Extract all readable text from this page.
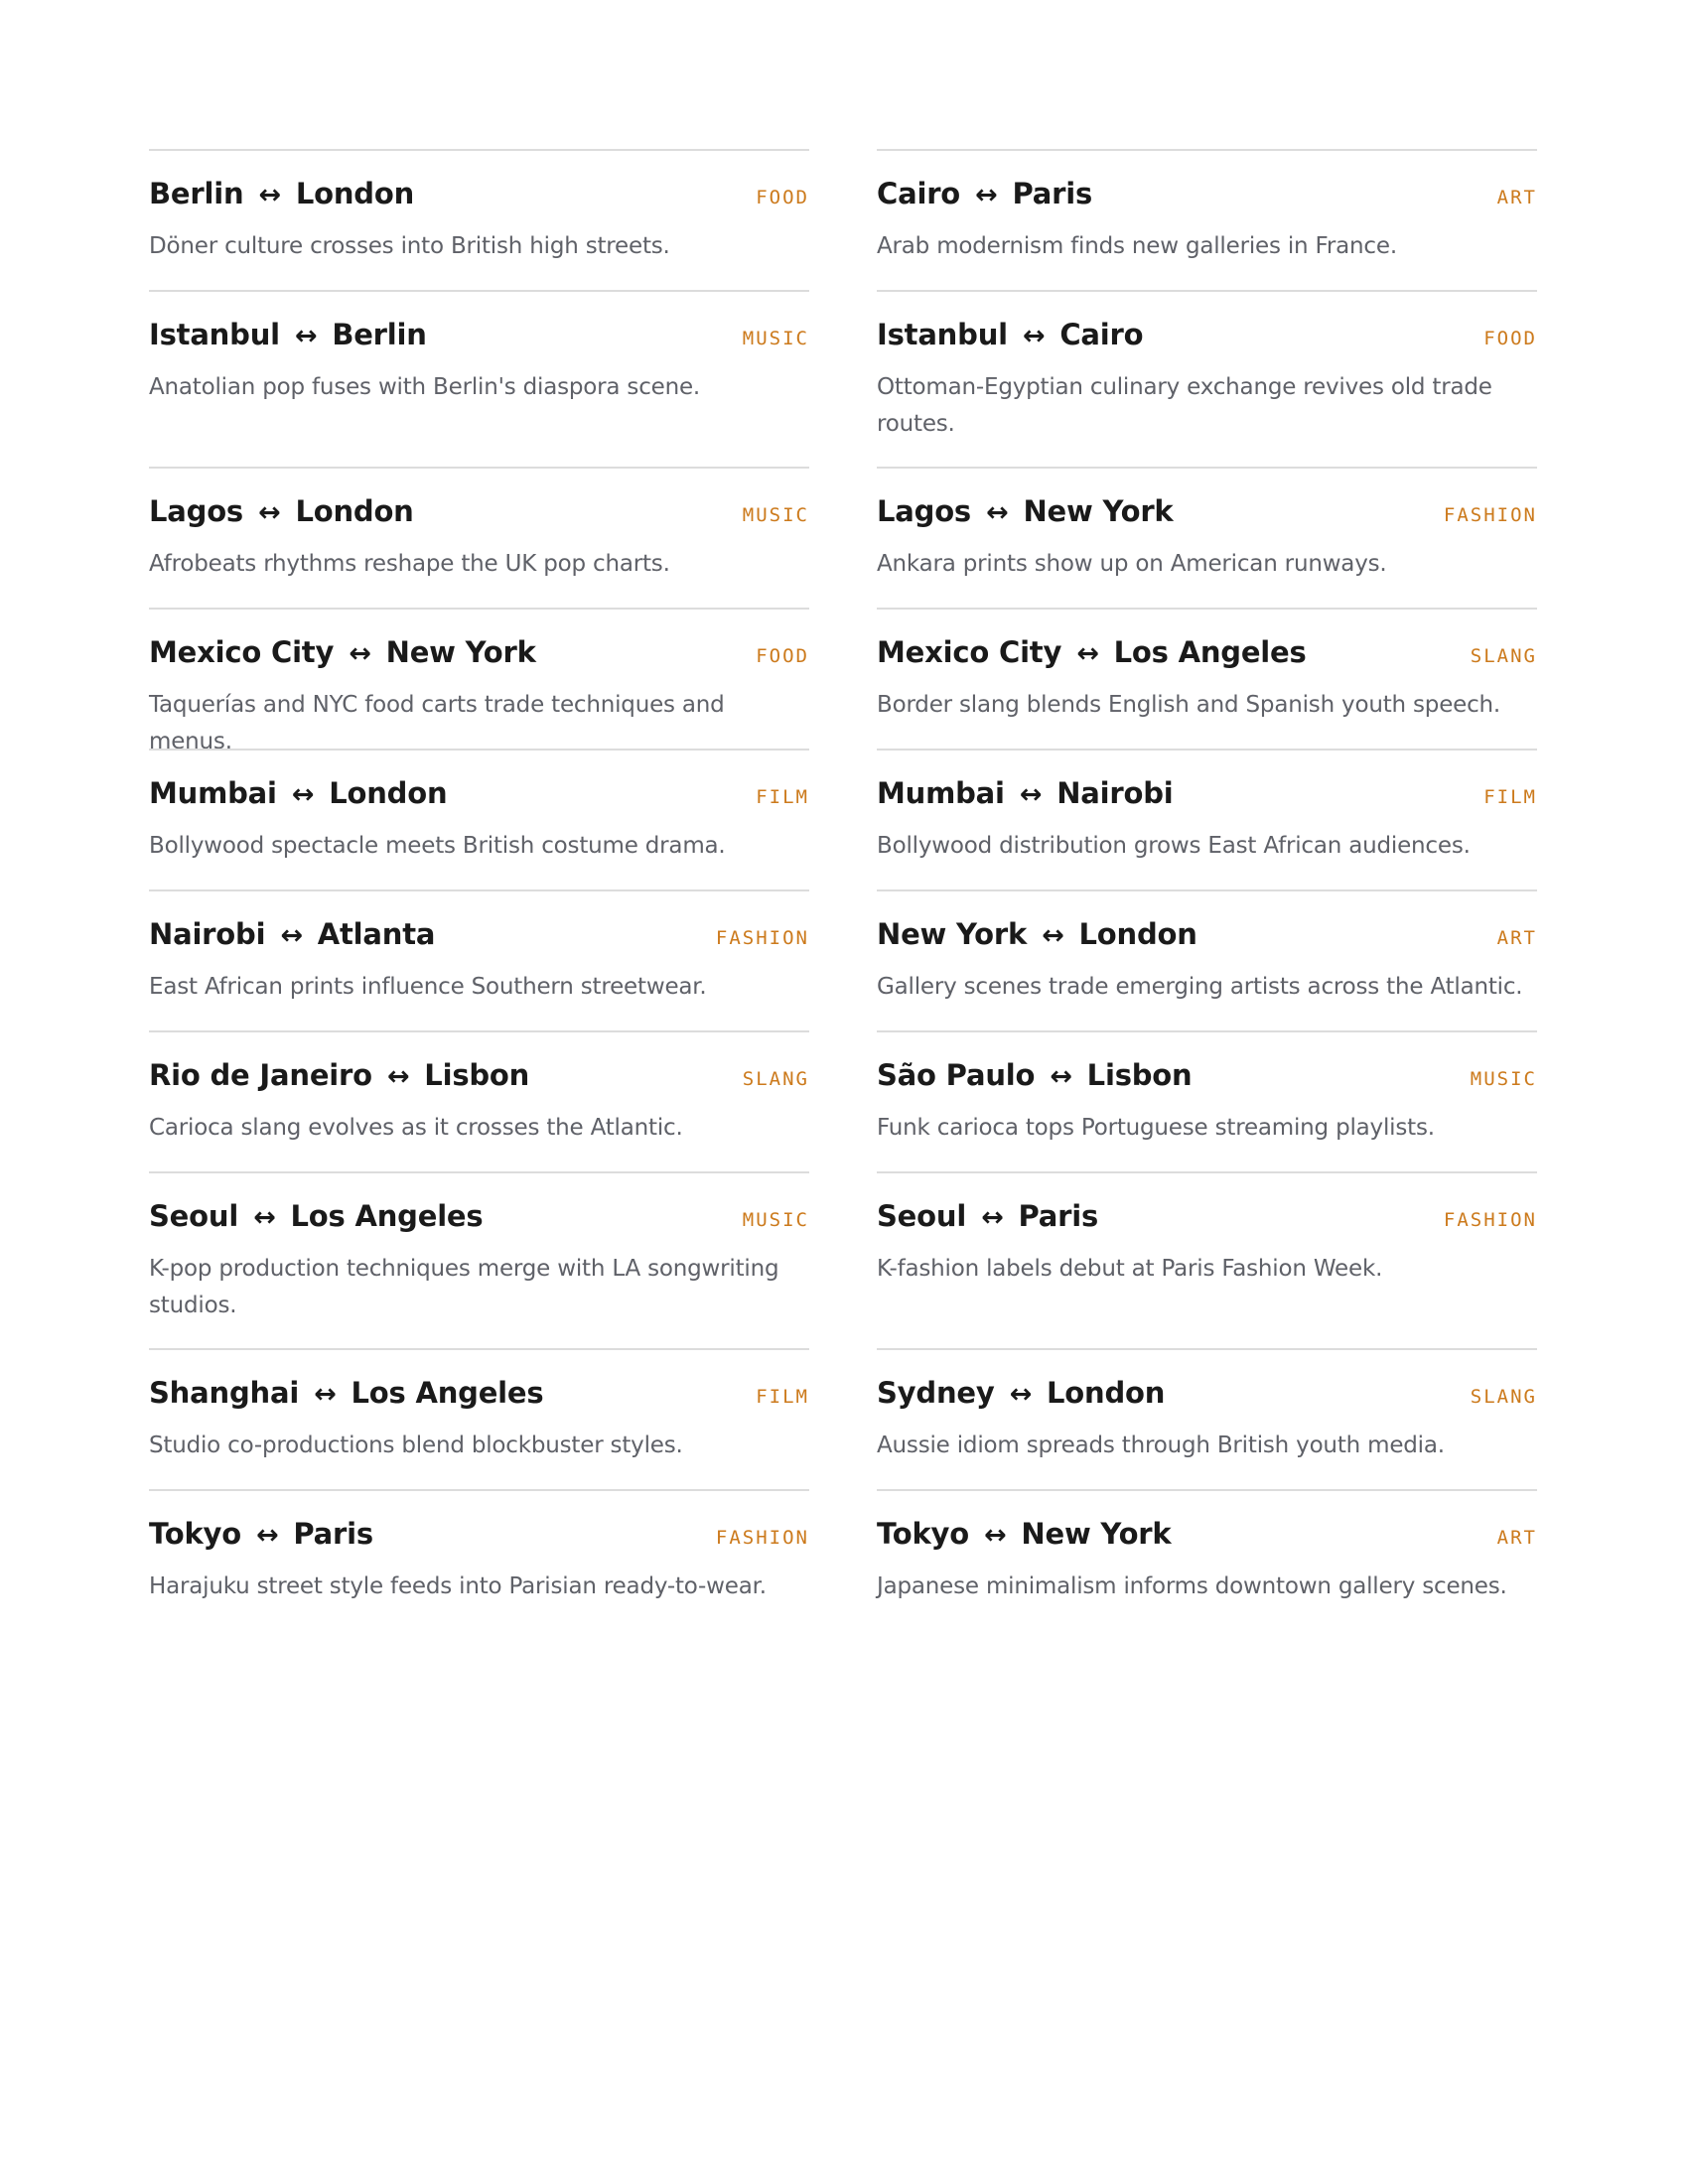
Berlin ↔ London	FOOD
Döner culture crosses into British high streets.
Istanbul ↔ Berlin	MUSIC
Anatolian pop fuses with Berlin's diaspora scene.
Lagos ↔ London	MUSIC
Afrobeats rhythms reshape the UK pop charts.
Mexico City ↔ New York	FOOD
Taquerías and NYC food carts trade techniques and menus.
Mumbai ↔ London	FILM
Bollywood spectacle meets British costume drama.
Nairobi ↔ Atlanta	FASHION
East African prints influence Southern streetwear.
Rio de Janeiro ↔ Lisbon	SLANG
Carioca slang evolves as it crosses the Atlantic.
Seoul ↔ Los Angeles	MUSIC
K-pop production techniques merge with LA songwriting studios.
Shanghai ↔ Los Angeles	FILM
Studio co-productions blend blockbuster styles.
Tokyo ↔ Paris	FASHION
Harajuku street style feeds into Parisian ready-to-wear.
Cairo ↔ Paris	ART
Arab modernism finds new galleries in France.
Istanbul ↔ Cairo	FOOD
Ottoman-Egyptian culinary exchange revives old trade routes.
Lagos ↔ New York	FASHION
Ankara prints show up on American runways.
Mexico City ↔ Los Angeles	SLANG
Border slang blends English and Spanish youth speech.
Mumbai ↔ Nairobi	FILM
Bollywood distribution grows East African audiences.
New York ↔ London	ART
Gallery scenes trade emerging artists across the Atlantic.
São Paulo ↔ Lisbon	MUSIC
Funk carioca tops Portuguese streaming playlists.
Seoul ↔ Paris	FASHION
K-fashion labels debut at Paris Fashion Week.
Sydney ↔ London	SLANG
Aussie idiom spreads through British youth media.
Tokyo ↔ New York	ART
Japanese minimalism informs downtown gallery scenes.
